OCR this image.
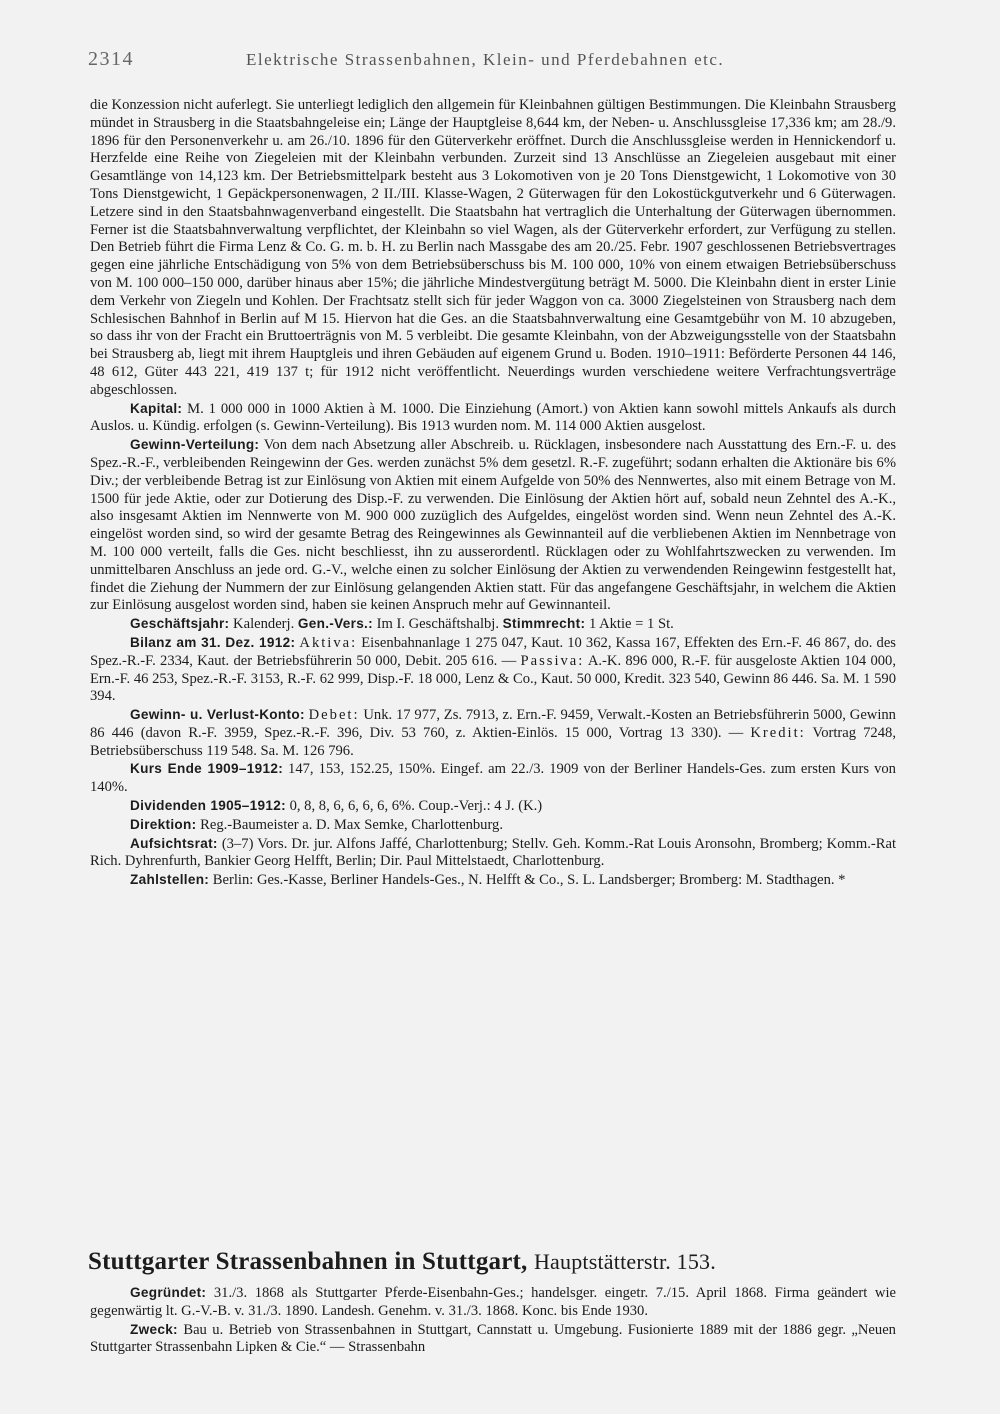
2314	Elektrische Strassenbahnen, Klein- und Pferdebahnen etc.

die Konzession nicht auferlegt. Sie unterliegt lediglich den allgemein für Kleinbahnen gültigen Bestimmungen. Die Kleinbahn Strausberg mündet in Strausberg in die Staatsbahngeleise ein; Länge der Hauptgleise 8,644 km, der Neben- u. Anschlussgleise 17,336 km; am 28./9. 1896 für den Personenverkehr u. am 26./10. 1896 für den Güterverkehr eröffnet. Durch die Anschlussgleise werden in Hennickendorf u. Herzfelde eine Reihe von Ziegeleien mit der Kleinbahn verbunden. Zurzeit sind 13 Anschlüsse an Ziegeleien ausgebaut mit einer Gesamtlänge von 14,123 km. Der Betriebsmittelpark besteht aus 3 Lokomotiven von je 20 Tons Dienstgewicht, 1 Lokomotive von 30 Tons Dienstgewicht, 1 Gepäckpersonenwagen, 2 II./III. Klasse-Wagen, 2 Güterwagen für den Lokostückgutverkehr und 6 Güterwagen. Letzere sind in den Staatsbahnwagenverband eingestellt. Die Staatsbahn hat vertraglich die Unterhaltung der Güterwagen übernommen. Ferner ist die Staatsbahnverwaltung verpflichtet, der Kleinbahn so viel Wagen, als der Güterverkehr erfordert, zur Verfügung zu stellen. Den Betrieb führt die Firma Lenz & Co. G. m. b. H. zu Berlin nach Massgabe des am 20./25. Febr. 1907 geschlossenen Betriebsvertrages gegen eine jährliche Entschädigung von 5% von dem Betriebsüberschuss bis M. 100 000, 10% von einem etwaigen Betriebsüberschuss von M. 100 000–150 000, darüber hinaus aber 15%; die jährliche Mindestvergütung beträgt M. 5000. Die Kleinbahn dient in erster Linie dem Verkehr von Ziegeln und Kohlen. Der Frachtsatz stellt sich für jeder Waggon von ca. 3000 Ziegelsteinen von Strausberg nach dem Schlesischen Bahnhof in Berlin auf M 15. Hiervon hat die Ges. an die Staatsbahnverwaltung eine Gesamtgebühr von M. 10 abzugeben, so dass ihr von der Fracht ein Bruttoerträgnis von M. 5 verbleibt. Die gesamte Kleinbahn, von der Abzweigungsstelle von der Staatsbahn bei Strausberg ab, liegt mit ihrem Hauptgleis und ihren Gebäuden auf eigenem Grund u. Boden. 1910–1911: Beförderte Personen 44 146, 48 612, Güter 443 221, 419 137 t; für 1912 nicht veröffentlicht. Neuerdings wurden verschiedene weitere Verfrachtungsverträge abgeschlossen.

Kapital: M. 1 000 000 in 1000 Aktien à M. 1000. Die Einziehung (Amort.) von Aktien kann sowohl mittels Ankaufs als durch Auslos. u. Kündig. erfolgen (s. Gewinn-Verteilung). Bis 1913 wurden nom. M. 114 000 Aktien ausgelost.

Gewinn-Verteilung: Von dem nach Absetzung aller Abschreib. u. Rücklagen, insbesondere nach Ausstattung des Ern.-F. u. des Spez.-R.-F., verbleibenden Reingewinn der Ges. werden zunächst 5% dem gesetzl. R.-F. zugeführt; sodann erhalten die Aktionäre bis 6% Div.; der verbleibende Betrag ist zur Einlösung von Aktien mit einem Aufgelde von 50% des Nennwertes, also mit einem Betrage von M. 1500 für jede Aktie, oder zur Dotierung des Disp.-F. zu verwenden. Die Einlösung der Aktien hört auf, sobald neun Zehntel des A.-K., also insgesamt Aktien im Nennwerte von M. 900 000 zuzüglich des Aufgeldes, eingelöst worden sind. Wenn neun Zehntel des A.-K. eingelöst worden sind, so wird der gesamte Betrag des Reingewinnes als Gewinnanteil auf die verbliebenen Aktien im Nennbetrage von M. 100 000 verteilt, falls die Ges. nicht beschliesst, ihn zu ausserordentl. Rücklagen oder zu Wohlfahrtszwecken zu verwenden. Im unmittelbaren Anschluss an jede ord. G.-V., welche einen zu solcher Einlösung der Aktien zu verwendenden Reingewinn festgestellt hat, findet die Ziehung der Nummern der zur Einlösung gelangenden Aktien statt. Für das angefangene Geschäftsjahr, in welchem die Aktien zur Einlösung ausgelost worden sind, haben sie keinen Anspruch mehr auf Gewinnanteil.

Geschäftsjahr: Kalenderj. Gen.-Vers.: Im I. Geschäftshalbj. Stimmrecht: 1 Aktie = 1 St.

Bilanz am 31. Dez. 1912: Aktiva: Eisenbahnanlage 1 275 047, Kaut. 10 362, Kassa 167, Effekten des Ern.-F. 46 867, do. des Spez.-R.-F. 2334, Kaut. der Betriebsführerin 50 000, Debit. 205 616. — Passiva: A.-K. 896 000, R.-F. für ausgeloste Aktien 104 000, Ern.-F. 46 253, Spez.-R.-F. 3153, R.-F. 62 999, Disp.-F. 18 000, Lenz & Co., Kaut. 50 000, Kredit. 323 540, Gewinn 86 446. Sa. M. 1 590 394.

Gewinn- u. Verlust-Konto: Debet: Unk. 17 977, Zs. 7913, z. Ern.-F. 9459, Verwalt.-Kosten an Betriebsführerin 5000, Gewinn 86 446 (davon R.-F. 3959, Spez.-R.-F. 396, Div. 53 760, z. Aktien-Einlös. 15 000, Vortrag 13 330). — Kredit: Vortrag 7248, Betriebsüberschuss 119 548. Sa. M. 126 796.

Kurs Ende 1909–1912: 147, 153, 152.25, 150%. Eingef. am 22./3. 1909 von der Berliner Handels-Ges. zum ersten Kurs von 140%.

Dividenden 1905–1912: 0, 8, 8, 6, 6, 6, 6, 6%. Coup.-Verj.: 4 J. (K.)

Direktion: Reg.-Baumeister a. D. Max Semke, Charlottenburg.

Aufsichtsrat: (3–7) Vors. Dr. jur. Alfons Jaffé, Charlottenburg; Stellv. Geh. Komm.-Rat Louis Aronsohn, Bromberg; Komm.-Rat Rich. Dyhrenfurth, Bankier Georg Helfft, Berlin; Dir. Paul Mittelstaedt, Charlottenburg.

Zahlstellen: Berlin: Ges.-Kasse, Berliner Handels-Ges., N. Helfft & Co., S. L. Landsberger; Bromberg: M. Stadthagen. *

Stuttgarter Strassenbahnen in Stuttgart, Hauptstätterstr. 153.

Gegründet: 31./3. 1868 als Stuttgarter Pferde-Eisenbahn-Ges.; handelsger. eingetr. 7./15. April 1868. Firma geändert wie gegenwärtig lt. G.-V.-B. v. 31./3. 1890. Landesh. Genehm. v. 31./3. 1868. Konc. bis Ende 1930.

Zweck: Bau u. Betrieb von Strassenbahnen in Stuttgart, Cannstatt u. Umgebung. Fusionierte 1889 mit der 1886 gegr. „Neuen Stuttgarter Strassenbahn Lipken & Cie.“ — Strassenbahn
